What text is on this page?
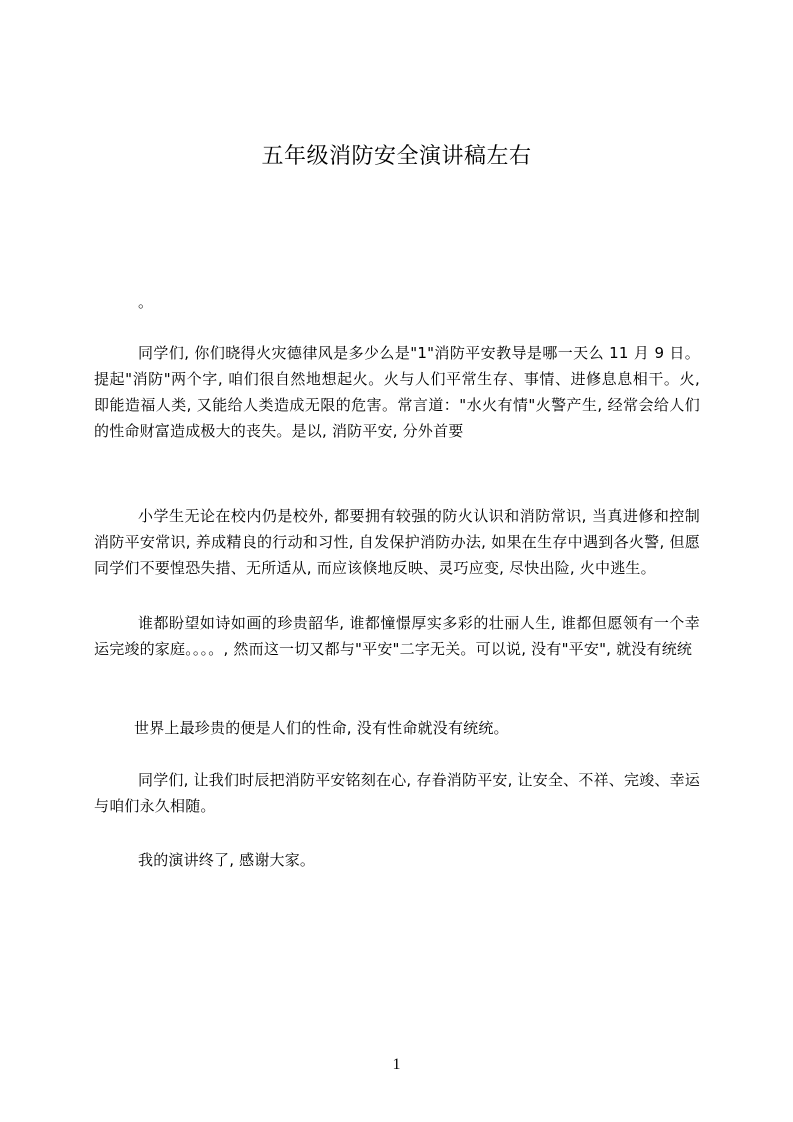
五年级消防安全演讲稿左右
。
同学们, 你们晓得火灾德律风是多少么是"1"消防平安教导是哪一天么 11 月 9 日。提起"消防"两个字, 咱们很自然地想起火。火与人们平常生存、事情、进修息息相干。火, 即能造福人类, 又能给人类造成无限的危害。常言道："水火有情"火警产生, 经常会给人们的性命财富造成极大的丧失。是以, 消防平安, 分外首要
小学生无论在校内仍是校外, 都要拥有较强的防火认识和消防常识, 当真进修和控制消防平安常识, 养成精良的行动和习性, 自发保护消防办法, 如果在生存中遇到各火警, 但愿同学们不要惶恐失措、无所适从, 而应该倏地反映、灵巧应变, 尽快出险, 火中逃生。
谁都盼望如诗如画的珍贵韶华, 谁都憧憬厚实多彩的壮丽人生, 谁都但愿领有一个幸运完竣的家庭。。。。, 然而这一切又都与"平安"二字无关。可以说, 没有"平安", 就没有统统
世界上最珍贵的便是人们的性命, 没有性命就没有统统。
同学们, 让我们时辰把消防平安铭刻在心, 存眷消防平安, 让安全、不祥、完竣、幸运与咱们永久相随。
我的演讲终了, 感谢大家。
1
